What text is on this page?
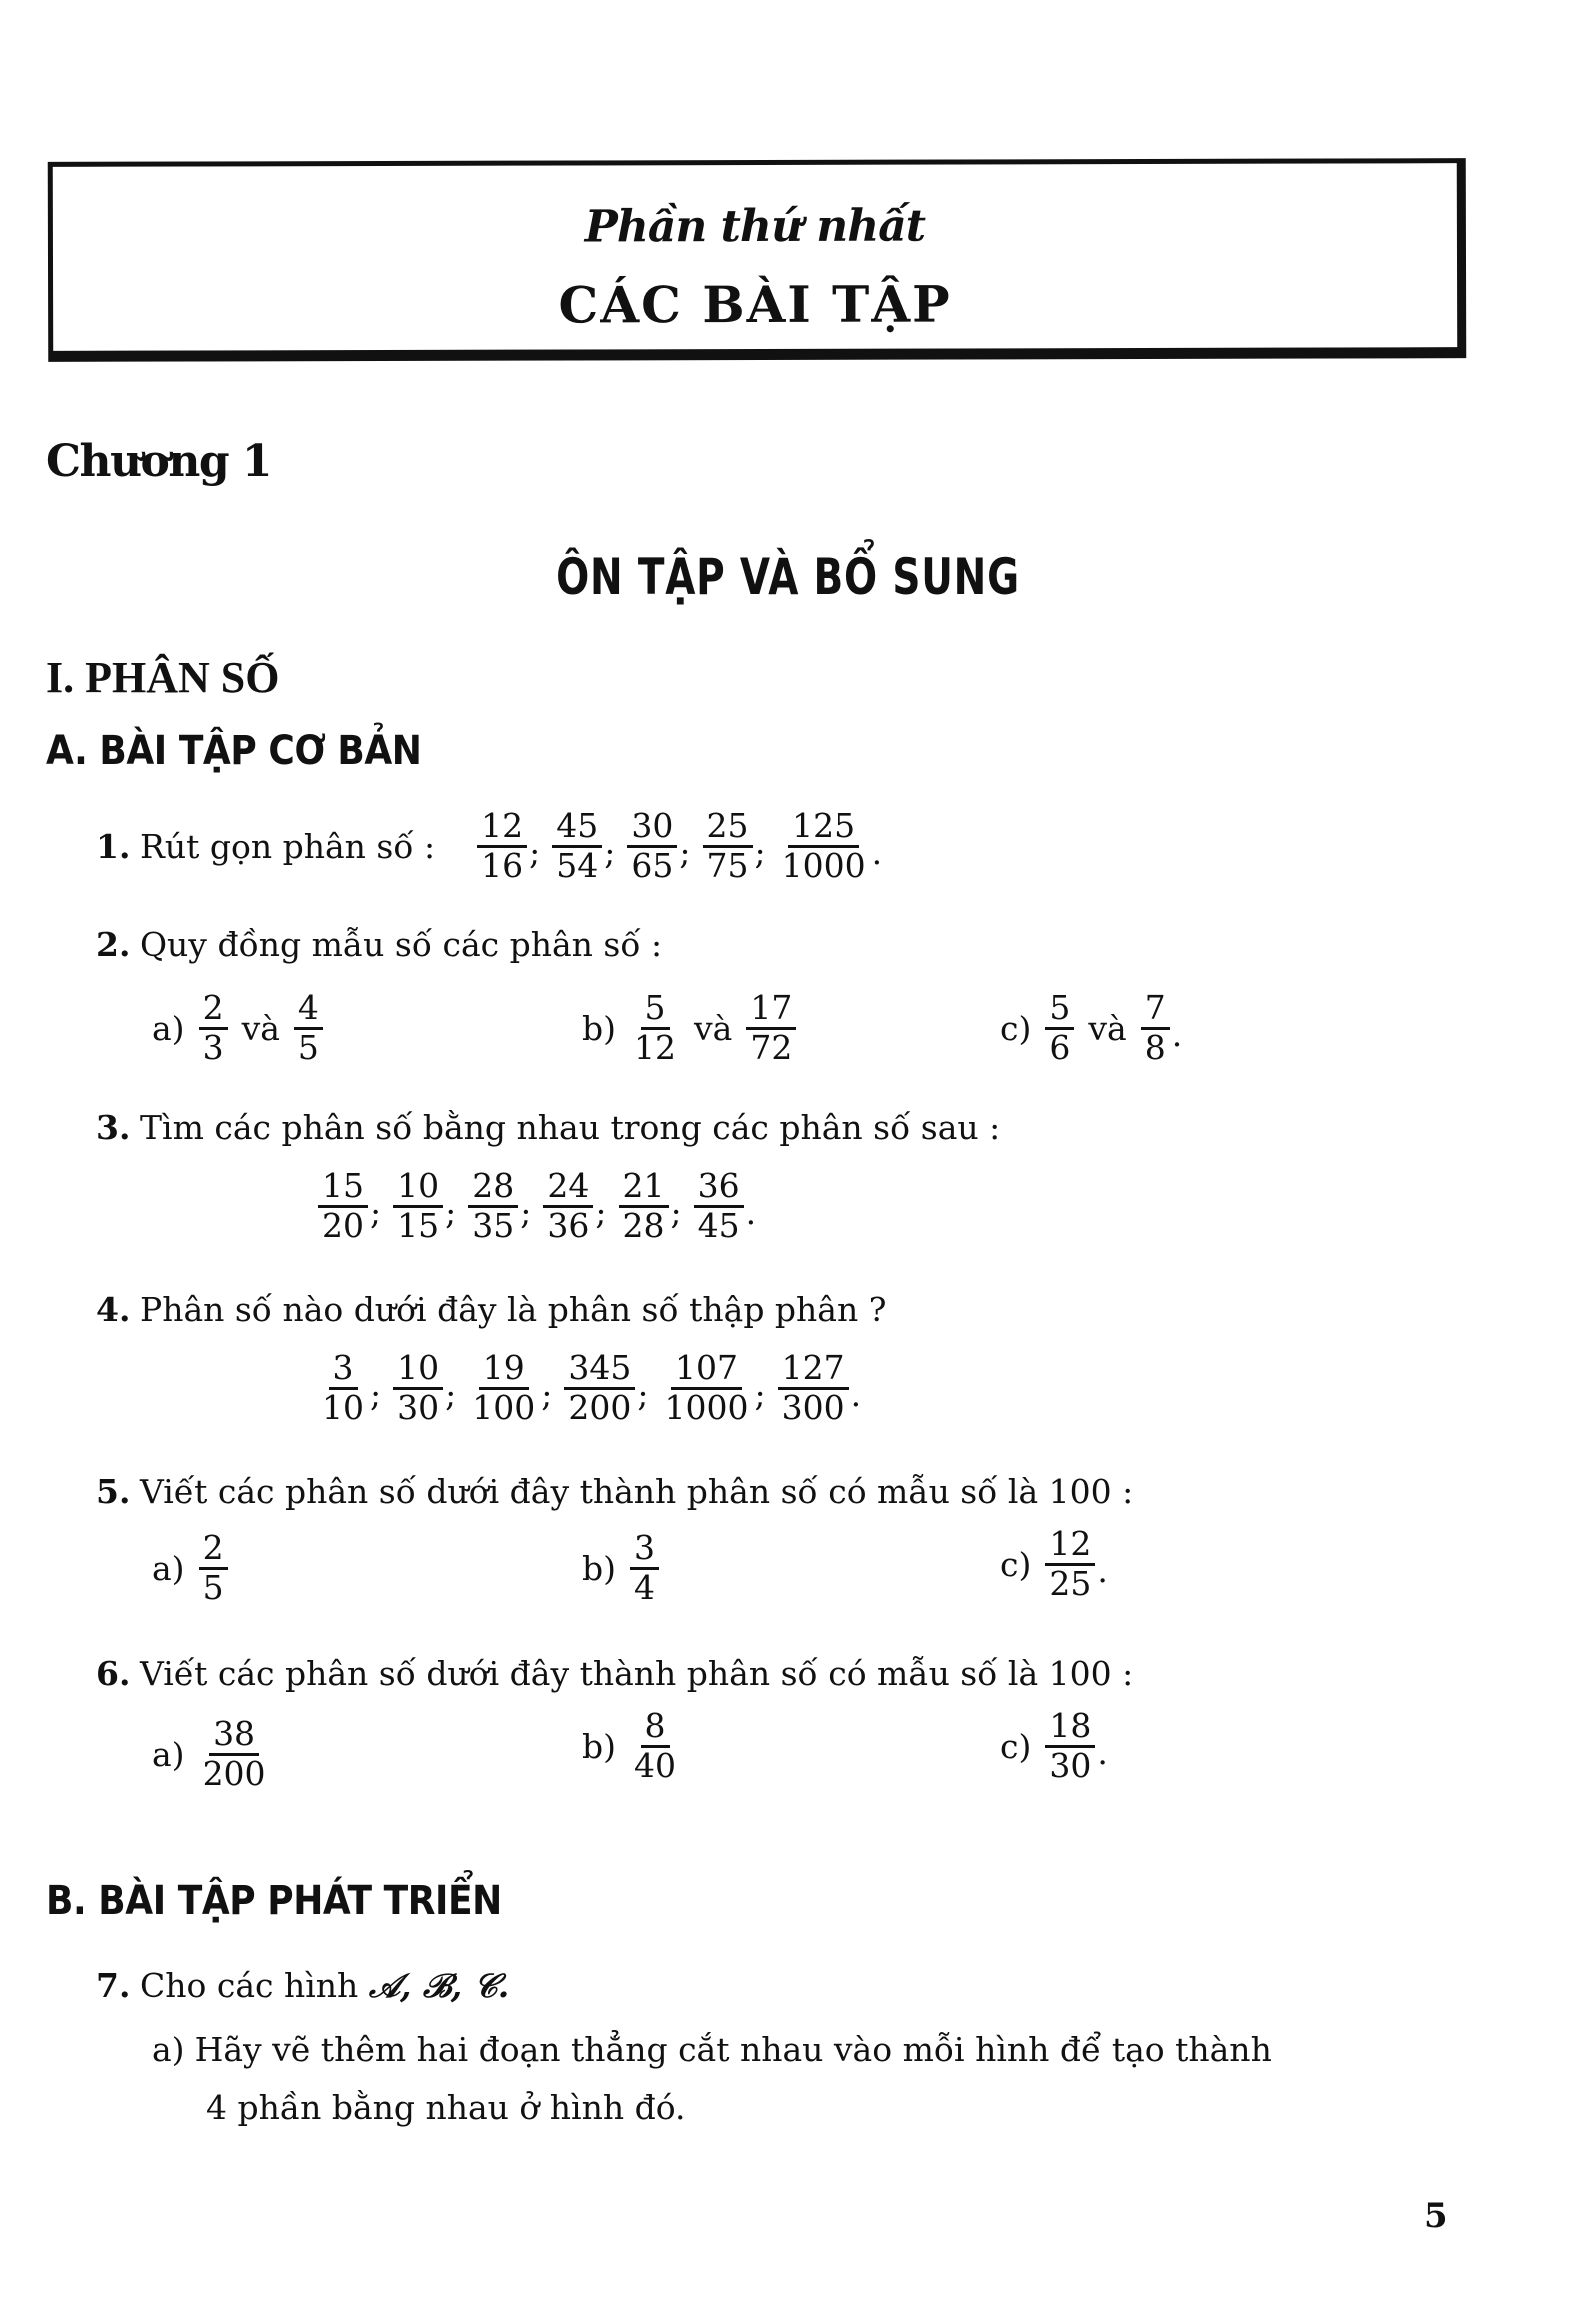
Phần thứ nhất
CÁC BÀI TẬP
Chương 1
ÔN TẬP VÀ BỔ SUNG
I. PHÂN SỐ
A. BÀI TẬP CƠ BẢN
1. Rút gọn phân số : $\frac{12}{16}$ ; $\frac{45}{54}$ ; $\frac{30}{65}$ ; $\frac{25}{75}$ ; $\frac{125}{1000}$ .
2. Quy đồng mẫu số các phân số :
$a) \frac{2}{3}$ và $\frac{4}{5}$	$b) \frac{5}{12}$ và $\frac{17}{72}$	$c) \frac{5}{6}$ và $\frac{7}{8}$ .
3. Tìm các phân số bằng nhau trong các phân số sau :
$\frac{15}{20}$ ; $\frac{10}{15}$ ; $\frac{28}{35}$ ; $\frac{24}{36}$ ; $\frac{21}{28}$ ; $\frac{36}{45}$ .
4. Phân số nào dưới đây là phân số thập phân ?
$\frac{3}{10}$ ; $\frac{10}{30}$ ; $\frac{19}{100}$ ; $\frac{345}{200}$ ; $\frac{107}{1000}$ ; $\frac{127}{300}$ .
5. Viết các phân số dưới đây thành phân số có mẫu số là 100 :
$a) \frac{2}{5}$	$b) \frac{3}{4}$	$c) \frac{12}{25}$ .
6. Viết các phân số dưới đây thành phân số có mẫu số là 100 :
$a) \frac{38}{200}$	$b) \frac{8}{40}$	$c) \frac{18}{30}$ .
B. BÀI TẬP PHÁT TRIỂN
7. Cho các hình 𝒜, ℬ, 𝒞.
a) Hãy vẽ thêm hai đoạn thẳng cắt nhau vào mỗi hình để tạo thành
4 phần bằng nhau ở hình đó.
5
